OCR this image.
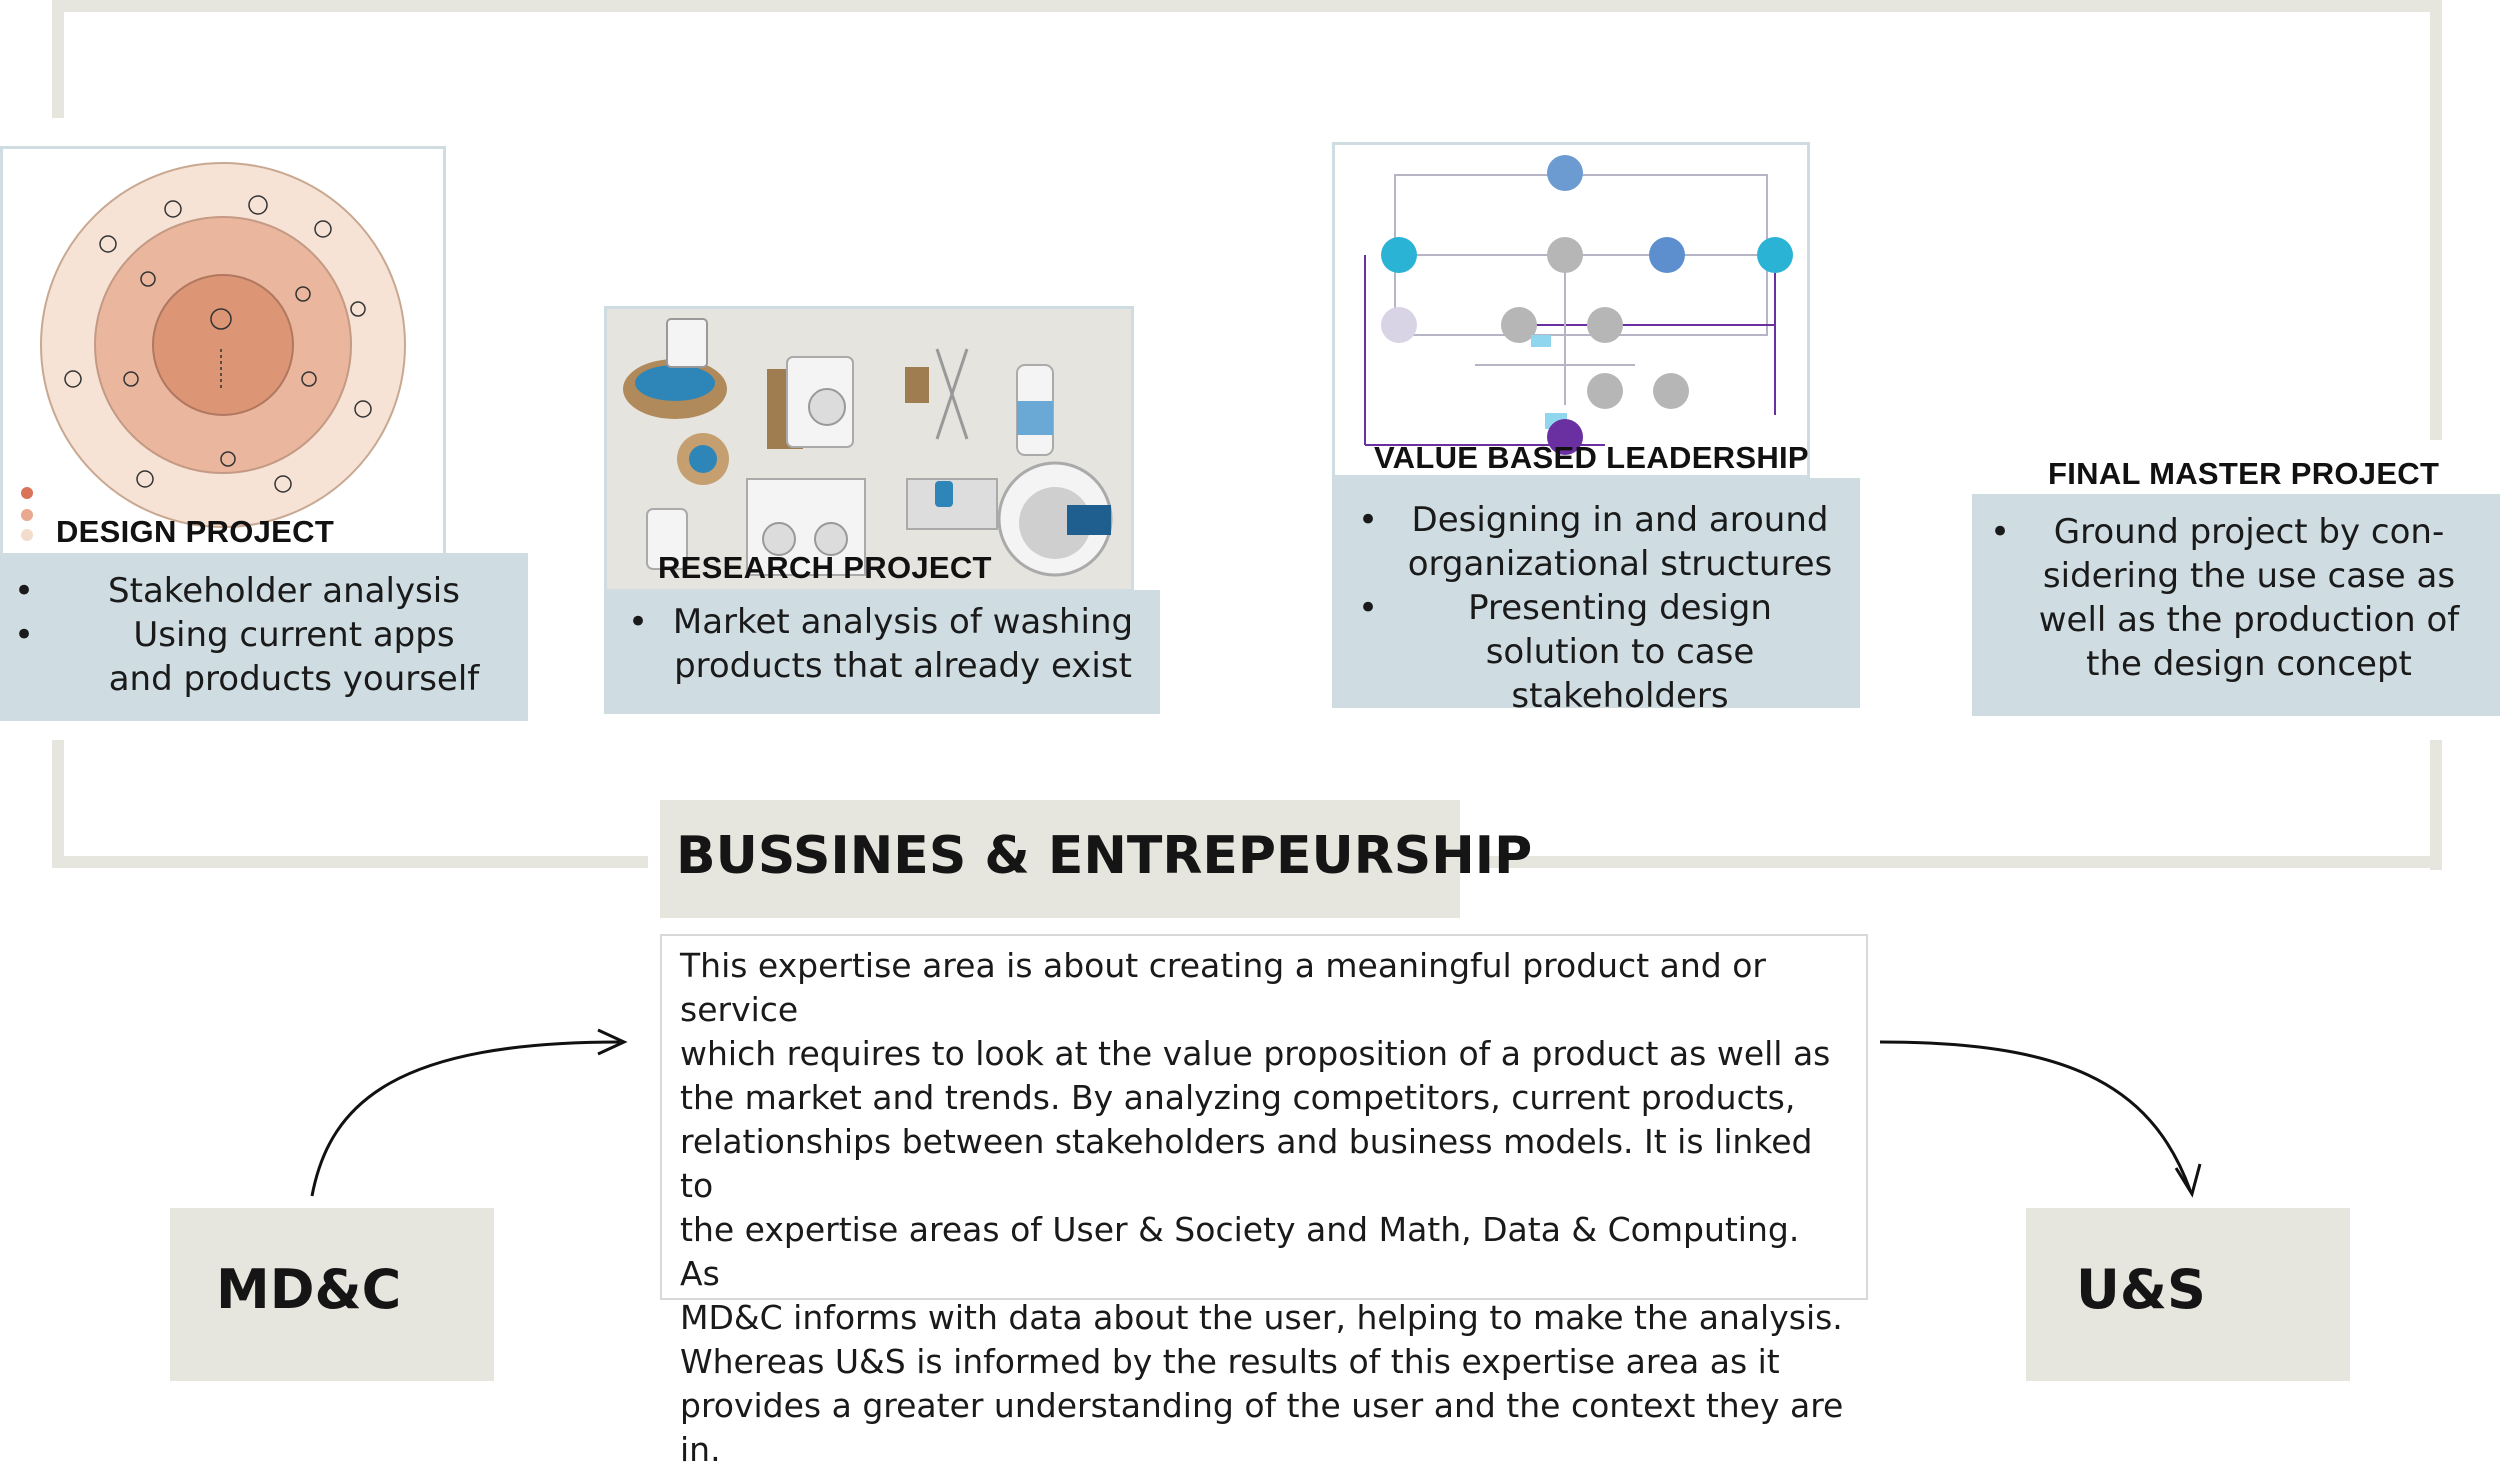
DESIGN PROJECT
• Stakeholder analysis
• Using current apps and products yourself
RESEARCH PROJECT
• Market analysis of washing products that already exist
VALUE BASED LEADERSHIP
• Designing in and around organizational structures
• Presenting design solution to case stakeholders
FINAL MASTER PROJECT
• Ground project by con-sidering the use case as well as the production of the design concept
BUSSINES & ENTREPEURSHIP
This expertise area is about creating a meaningful product and or service
which requires to look at the value proposition of a product as well as
the market and trends. By analyzing competitors, current products,
relationships between stakeholders and business models. It is linked to
the expertise areas of User & Society and Math, Data & Computing. As
MD&C informs with data about the user, helping to make the analysis.
Whereas U&S is informed by the results of this expertise area as it
provides a greater understanding of the user and the context they are in.
MD&C	U&S
